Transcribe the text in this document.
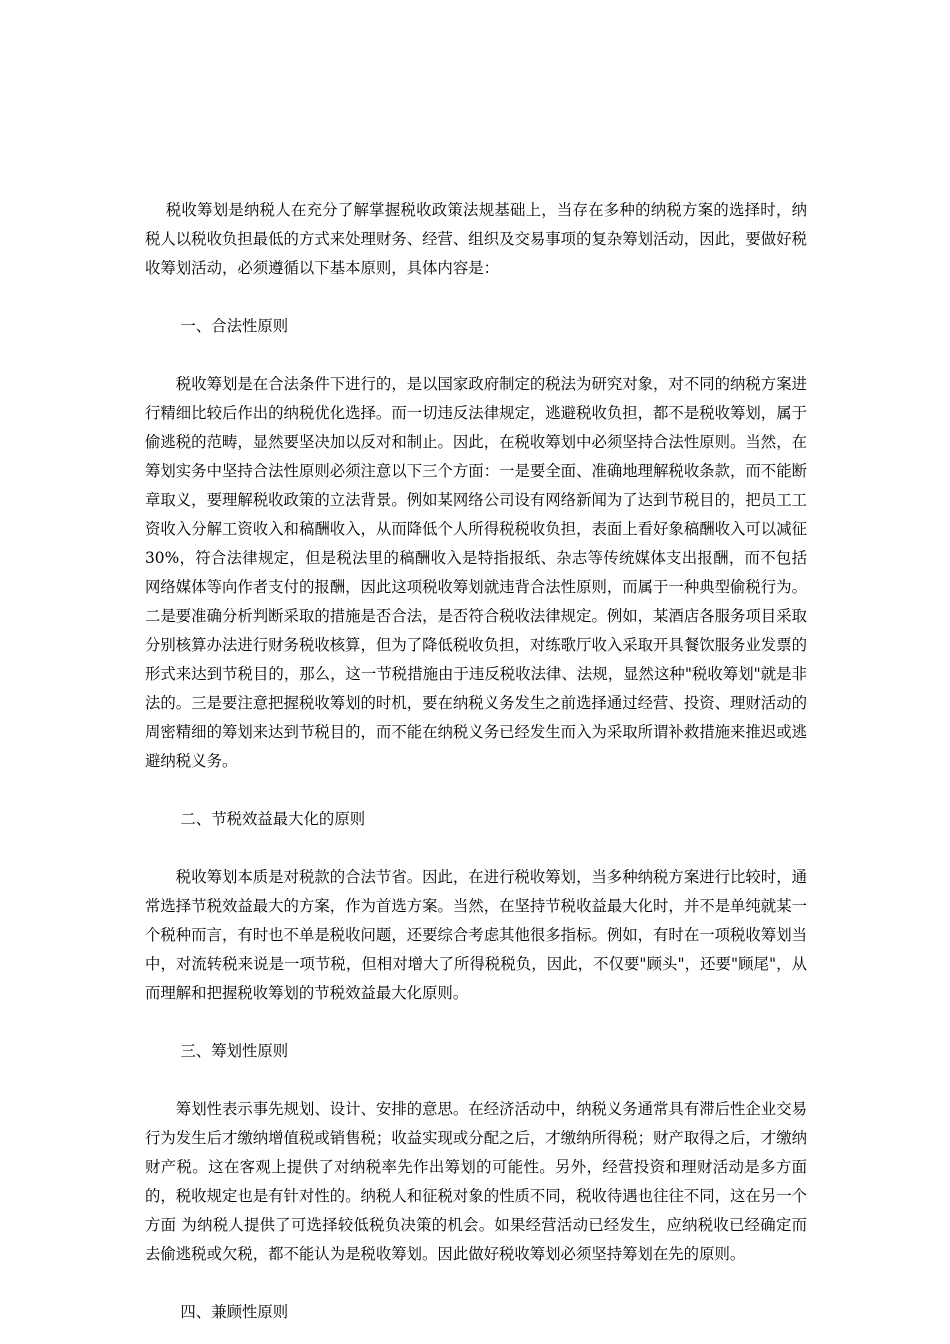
税收筹划是纳税人在充分了解掌握税收政策法规基础上，当存在多种的纳税方案的选择时，纳税人以税收负担最低的方式来处理财务、经营、组织及交易事项的复杂筹划活动，因此，要做好税收筹划活动，必须遵循以下基本原则，具体内容是：

一、合法性原则

税收筹划是在合法条件下进行的，是以国家政府制定的税法为研究对象，对不同的纳税方案进行精细比较后作出的纳税优化选择。而一切违反法律规定，逃避税收负担，都不是税收筹划，属于偷逃税的范畴，显然要坚决加以反对和制止。因此，在税收筹划中必须坚持合法性原则。当然，在筹划实务中坚持合法性原则必须注意以下三个方面：一是要全面、准确地理解税收条款，而不能断章取义，要理解税收政策的立法背景。例如某网络公司设有网络新闻为了达到节税目的，把员工工资收入分解工资收入和稿酬收入，从而降低个人所得税税收负担，表面上看好象稿酬收入可以减征 30%，符合法律规定，但是税法里的稿酬收入是特指报纸、杂志等传统媒体支出报酬，而不包括网络媒体等向作者支付的报酬，因此这项税收筹划就违背合法性原则，而属于一种典型偷税行为。二是要准确分析判断采取的措施是否合法，是否符合税收法律规定。例如，某酒店各服务项目采取分别核算办法进行财务税收核算，但为了降低税收负担，对练歌厅收入采取开具餐饮服务业发票的形式来达到节税目的，那么，这一节税措施由于违反税收法律、法规，显然这种"税收筹划"就是非法的。三是要注意把握税收筹划的时机，要在纳税义务发生之前选择通过经营、投资、理财活动的周密精细的筹划来达到节税目的，而不能在纳税义务已经发生而入为采取所谓补救措施来推迟或逃避纳税义务。

二、节税效益最大化的原则

税收筹划本质是对税款的合法节省。因此，在进行税收筹划，当多种纳税方案进行比较时，通常选择节税效益最大的方案，作为首选方案。当然，在坚持节税收益最大化时，并不是单纯就某一个税种而言，有时也不单是税收问题，还要综合考虑其他很多指标。例如，有时在一项税收筹划当中，对流转税来说是一项节税，但相对增大了所得税税负，因此，不仅要"顾头"，还要"顾尾"，从而理解和把握税收筹划的节税效益最大化原则。

三、筹划性原则

筹划性表示事先规划、设计、安排的意思。在经济活动中，纳税义务通常具有滞后性企业交易行为发生后才缴纳增值税或销售税；收益实现或分配之后，才缴纳所得税；财产取得之后，才缴纳财产税。这在客观上提供了对纳税率先作出筹划的可能性。另外，经营投资和理财活动是多方面的，税收规定也是有针对性的。纳税人和征税对象的性质不同，税收待遇也往往不同，这在另一个方面 为纳税人提供了可选择较低税负决策的机会。如果经营活动已经发生，应纳税收已经确定而去偷逃税或欠税，都不能认为是税收筹划。因此做好税收筹划必须坚持筹划在先的原则。

四、兼顾性原则
